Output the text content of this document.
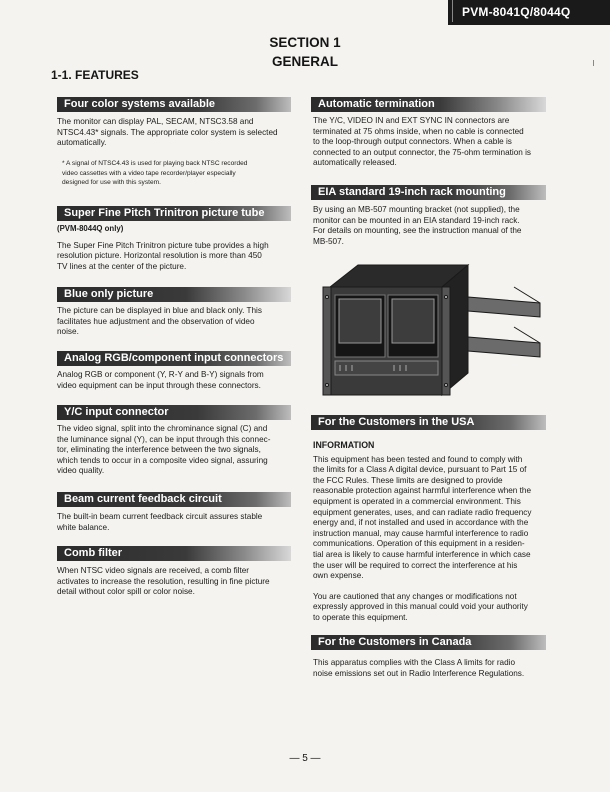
PVM-8041Q/8044Q
SECTION 1
GENERAL
1-1. FEATURES
Four color systems available
The monitor can display PAL, SECAM, NTSC3.58 and
NTSC4.43* signals. The appropriate color system is selected
automatically.
* A signal of NTSC4.43 is used for playing back NTSC recorded
video cassettes with a video tape recorder/player especially
designed for use with this system.
Super Fine Pitch Trinitron picture tube
(PVM-8044Q only)
The Super Fine Pitch Trinitron picture tube provides a high
resolution picture. Horizontal resolution is more than 450
TV lines at the center of the picture.
Blue only picture
The picture can be displayed in blue and black only. This
facilitates hue adjustment and the observation of video
noise.
Analog RGB/component input connectors
Analog RGB or component (Y, R-Y and B-Y) signals from
video equipment can be input through these connectors.
Y/C input connector
The video signal, split into the chrominance signal (C) and
the luminance signal (Y), can be input through this connec-
tor, eliminating the interference between the two signals,
which tends to occur in a composite video signal, assuring
video quality.
Beam current feedback circuit
The built-in beam current feedback circuit assures stable
white balance.
Comb filter
When NTSC video signals are received, a comb filter
activates to increase the resolution, resulting in fine picture
detail without color spill or color noise.
Automatic termination
The Y/C, VIDEO IN and EXT SYNC IN connectors are
terminated at 75 ohms inside, when no cable is connected
to the loop-through output connectors. When a cable is
connected to an output connector, the 75-ohm termination is
automatically released.
EIA standard 19-inch rack mounting
By using an MB-507 mounting bracket (not supplied), the
monitor can be mounted in an EIA standard 19-inch rack.
For details on mounting, see the instruction manual of the
MB-507.
For the Customers in the USA
INFORMATION
This equipment has been tested and found to comply with
the limits for a Class A digital device, pursuant to Part 15 of
the FCC Rules. These limits are designed to provide
reasonable protection against harmful interference when the
equipment is operated in a commercial environment. This
equipment generates, uses, and can radiate radio frequency
energy and, if not installed and used in accordance with the
instruction manual, may cause harmful interference to radio
communications. Operation of this equipment in a residen-
tial area is likely to cause harmful interference in which case
the user will be required to correct the interference at his
own expense.
You are cautioned that any changes or modifications not
expressly approved in this manual could void your authority
to operate this equipment.
For the Customers in Canada
This apparatus complies with the Class A limits for radio
noise emissions set out in Radio Interference Regulations.
— 5 —
